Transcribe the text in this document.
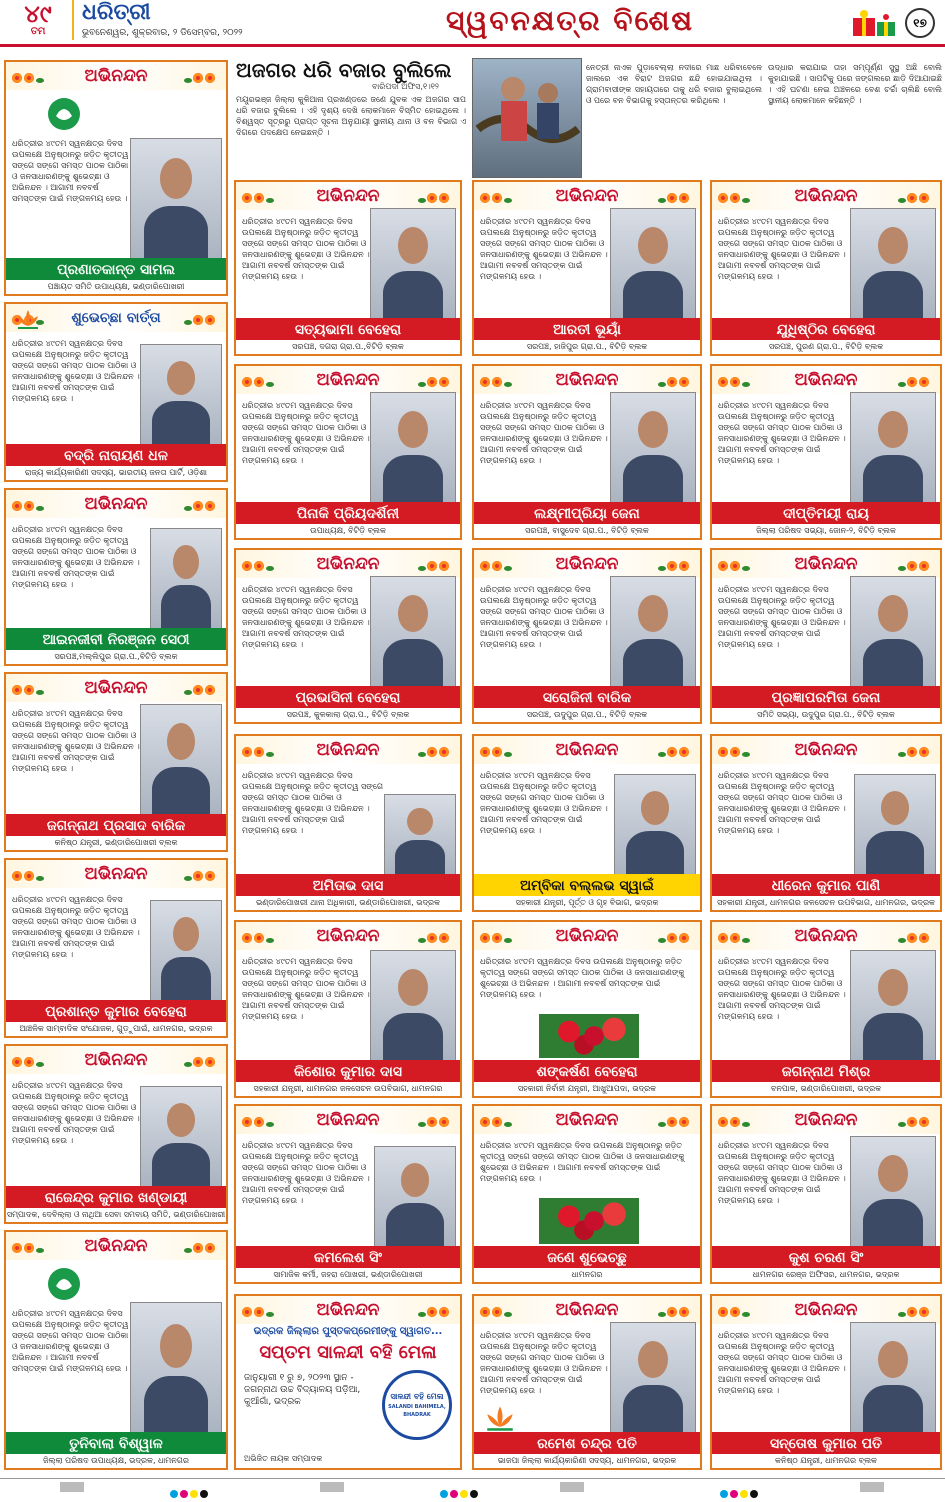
୪୯
ତମ
ଧରିତ୍ରୀ
ଭୁବନେଶ୍ୱର, ଶୁକ୍ରବାର, ୨ ଡିସେମ୍ବର, ୨୦୨୨	ସ୍ୱବନକ୍ଷତ୍ର ବିଶେଷ	୧୭
ଅଜଗର ଧରି ବଜାର ବୁଲିଲେ
ବାରିପଦା ଅଫିସ,୧।୧୨
ମୟୂରଭଞ୍ଜ ଜିଲ୍ଲା କୁଳିଆନା ପ୍ରଖଣ୍ଡରେ ଜଣେ ଯୁବକ ଏକ ଅଜଗର ସାପ ଧରି ବଜାର ବୁଲିଲେ । ଏହି ଦୃଶ୍ୟ ଦେଖି ଲୋକମାନେ ବିସ୍ମିତ ହୋଇଥିଲେ । ବିଶ୍ୱସ୍ତ ସୂତ୍ରରୁ ପ୍ରାପ୍ତ ସୂଚନା ଅନୁଯାୟୀ ସ୍ଥାନୀୟ ଥାନା ଓ ବନ ବିଭାଗ ଏ ଦିଗରେ ପଦକ୍ଷେପ ନେଇଛନ୍ତି ।
ନେତ୍ରୀ ନାଏକ ପୁଡ଼ାବେଲ୍ଲା ନଦୀରେ ମାଛ ଧରିବାବେଳେ ଜାଲରେ ଏକ ବିରାଟ ଅଜଗର ଛନ୍ଦି ହୋଇଯାଇଥିଲା । ଗ୍ରାମବାସୀଙ୍କ ସହାୟତାରେ ତାକୁ ଧରି ବଜାର ବୁଲାଇଥିଲେ ଓ ପରେ ବନ ବିଭାଗକୁ ହସ୍ତାନ୍ତର କରିଥିଲେ ।
ଉଦ୍ଧାର କରାଯାଇ ତାହା ସମ୍ପୂର୍ଣ୍ଣ ସୁସ୍ଥ ଅଛି ବୋଲି କୁହାଯାଇଛି । ସାପଟିକୁ ପରେ ଜଙ୍ଗଲରେ ଛାଡ଼ି ଦିଆଯାଇଛି । ଏହି ଘଟଣା ନେଇ ଅଞ୍ଚଳରେ ବେଶ ଚର୍ଚ୍ଚା ଚାଲିଛି ବୋଲି ସ୍ଥାନୀୟ ଲୋକମାନେ କହିଛନ୍ତି ।
ଅଭିନନ୍ଦନ
ଧରିତ୍ରୀର ୪୯ତମ ସ୍ୱନକ୍ଷତ୍ର ଦିବସ ଉପଲକ୍ଷେ ଅନୁଷ୍ଠାନରୁ ଜଡ଼ିତ କୃତୀତ୍ୱ ସଙ୍ଗେ ସଙ୍ଗେ ସମସ୍ତ ପାଠକ ପାଠିକା ଓ ଜନସାଧାରଣଙ୍କୁ ଶୁଭେଚ୍ଛା ଓ ଅଭିନନ୍ଦନ । ଆଗାମୀ ନବବର୍ଷ ସମସ୍ତଙ୍କ ପାଇଁ ମଙ୍ଗଳମୟ ହେଉ ।
ପ୍ରଣାତକାନ୍ତ ସାମଲ
ପଞ୍ଚାୟତ ସମିତି ଉପାଧ୍ୟକ୍ଷ, ଭଣ୍ଡାରିପୋଖରୀ
ଶୁଭେଚ୍ଛା ବାର୍ତ୍ତା
ଧରିତ୍ରୀର ୪୯ତମ ସ୍ୱନକ୍ଷତ୍ର ଦିବସ ଉପଲକ୍ଷେ ଅନୁଷ୍ଠାନରୁ ଜଡ଼ିତ କୃତୀତ୍ୱ ସଙ୍ଗେ ସଙ୍ଗେ ସମସ୍ତ ପାଠକ ପାଠିକା ଓ ଜନସାଧାରଣଙ୍କୁ ଶୁଭେଚ୍ଛା ଓ ଅଭିନନ୍ଦନ । ଆଗାମୀ ନବବର୍ଷ ସମସ୍ତଙ୍କ ପାଇଁ ମଙ୍ଗଳମୟ ହେଉ ।
ବଦ୍ରି ନାରାୟଣ ଧଳ
ରାଜ୍ୟ କାର୍ଯ୍ୟକାରିଣୀ ସଦସ୍ୟ, ଭାରତୀୟ ଜନତା ପାର୍ଟି, ଓଡ଼ିଶା
ଅଭିନନ୍ଦନ
ଧରିତ୍ରୀର ୪୯ତମ ସ୍ୱନକ୍ଷତ୍ର ଦିବସ ଉପଲକ୍ଷେ ଅନୁଷ୍ଠାନରୁ ଜଡ଼ିତ କୃତୀତ୍ୱ ସଙ୍ଗେ ସଙ୍ଗେ ସମସ୍ତ ପାଠକ ପାଠିକା ଓ ଜନସାଧାରଣଙ୍କୁ ଶୁଭେଚ୍ଛା ଓ ଅଭିନନ୍ଦନ । ଆଗାମୀ ନବବର୍ଷ ସମସ୍ତଙ୍କ ପାଇଁ ମଙ୍ଗଳମୟ ହେଉ ।
ଆଇନଜୀବୀ ନିରଞ୍ଜନ ସେଠୀ
ସରପଞ୍ଚ,ମଲ୍ଲିପୁର ଗ୍ରା.ପ.,ବିଟିଡ଼ି ବ୍ଲକ
ଅଭିନନ୍ଦନ
ଧରିତ୍ରୀର ୪୯ତମ ସ୍ୱନକ୍ଷତ୍ର ଦିବସ ଉପଲକ୍ଷେ ଅନୁଷ୍ଠାନରୁ ଜଡ଼ିତ କୃତୀତ୍ୱ ସଙ୍ଗେ ସଙ୍ଗେ ସମସ୍ତ ପାଠକ ପାଠିକା ଓ ଜନସାଧାରଣଙ୍କୁ ଶୁଭେଚ୍ଛା ଓ ଅଭିନନ୍ଦନ । ଆଗାମୀ ନବବର୍ଷ ସମସ୍ତଙ୍କ ପାଇଁ ମଙ୍ଗଳମୟ ହେଉ ।
ଜଗନ୍ନାଥ ପ୍ରସାଦ ବାରିକ
କନିଷ୍ଠ ଯନ୍ତ୍ରୀ, ଭଣ୍ଡାରିପୋଖରୀ ବ୍ଲକ
ଅଭିନନ୍ଦନ
ଧରିତ୍ରୀର ୪୯ତମ ସ୍ୱନକ୍ଷତ୍ର ଦିବସ ଉପଲକ୍ଷେ ଅନୁଷ୍ଠାନରୁ ଜଡ଼ିତ କୃତୀତ୍ୱ ସଙ୍ଗେ ସଙ୍ଗେ ସମସ୍ତ ପାଠକ ପାଠିକା ଓ ଜନସାଧାରଣଙ୍କୁ ଶୁଭେଚ୍ଛା ଓ ଅଭିନନ୍ଦନ । ଆଗାମୀ ନବବର୍ଷ ସମସ୍ତଙ୍କ ପାଇଁ ମଙ୍ଗଳମୟ ହେଉ ।
ପ୍ରଶାନ୍ତ କୁମାର ବେହେରା
ଆଞ୍ଚଳିକ ସାମ୍ବାଦିକ ସଂଯୋଜକ, ଗୁଡ଼ୁପାଇଁ, ଧାମନଗର, ଭଦ୍ରକ
ଅଭିନନ୍ଦନ
ଧରିତ୍ରୀର ୪୯ତମ ସ୍ୱନକ୍ଷତ୍ର ଦିବସ ଉପଲକ୍ଷେ ଅନୁଷ୍ଠାନରୁ ଜଡ଼ିତ କୃତୀତ୍ୱ ସଙ୍ଗେ ସଙ୍ଗେ ସମସ୍ତ ପାଠକ ପାଠିକା ଓ ଜନସାଧାରଣଙ୍କୁ ଶୁଭେଚ୍ଛା ଓ ଅଭିନନ୍ଦନ । ଆଗାମୀ ନବବର୍ଷ ସମସ୍ତଙ୍କ ପାଇଁ ମଙ୍ଗଳମୟ ହେଉ ।
ରାଜେନ୍ଦ୍ର କୁମାର ଖଣ୍ଡାୟୀ
ସମ୍ପାଦକ, ଦେବିଲ୍ଲା ଓ ନାଥିଆ ସେବା ସମବାୟ ସମିତି, ଭଣ୍ଡାରିପୋଖରୀ
ଅଭିନନ୍ଦନ
ଧରିତ୍ରୀର ୪୯ତମ ସ୍ୱନକ୍ଷତ୍ର ଦିବସ ଉପଲକ୍ଷେ ଅନୁଷ୍ଠାନରୁ ଜଡ଼ିତ କୃତୀତ୍ୱ ସଙ୍ଗେ ସଙ୍ଗେ ସମସ୍ତ ପାଠକ ପାଠିକା ଓ ଜନସାଧାରଣଙ୍କୁ ଶୁଭେଚ୍ଛା ଓ ଅଭିନନ୍ଦନ । ଆଗାମୀ ନବବର୍ଷ ସମସ୍ତଙ୍କ ପାଇଁ ମଙ୍ଗଳମୟ ହେଉ ।
ତୁନିବାଲା ବିଶ୍ୱାଳ
ଜିଲ୍ଲା ପରିଷଦ ଉପାଧ୍ୟକ୍ଷ, ଭଦ୍ରକ, ଧାମନଗର
ଅଭିନନ୍ଦନ
ଧରିତ୍ରୀର ୪୯ତମ ସ୍ୱନକ୍ଷତ୍ର ଦିବସ ଉପଲକ୍ଷେ ଅନୁଷ୍ଠାନରୁ ଜଡ଼ିତ କୃତୀତ୍ୱ ସଙ୍ଗେ ସଙ୍ଗେ ସମସ୍ତ ପାଠକ ପାଠିକା ଓ ଜନସାଧାରଣଙ୍କୁ ଶୁଭେଚ୍ଛା ଓ ଅଭିନନ୍ଦନ । ଆଗାମୀ ନବବର୍ଷ ସମସ୍ତଙ୍କ ପାଇଁ ମଙ୍ଗଳମୟ ହେଉ ।
ସତ୍ୟଭାମା ବେହେରା
ସରପଞ୍ଚ, ଦଗରା ଗ୍ରା.ପ.,ବିଟିଡ଼ି ବ୍ଲକ
ଅଭିନନ୍ଦନ
ଧରିତ୍ରୀର ୪୯ତମ ସ୍ୱନକ୍ଷତ୍ର ଦିବସ ଉପଲକ୍ଷେ ଅନୁଷ୍ଠାନରୁ ଜଡ଼ିତ କୃତୀତ୍ୱ ସଙ୍ଗେ ସଙ୍ଗେ ସମସ୍ତ ପାଠକ ପାଠିକା ଓ ଜନସାଧାରଣଙ୍କୁ ଶୁଭେଚ୍ଛା ଓ ଅଭିନନ୍ଦନ । ଆଗାମୀ ନବବର୍ଷ ସମସ୍ତଙ୍କ ପାଇଁ ମଙ୍ଗଳମୟ ହେଉ ।
ଆରତୀ ଭୂୟାଁ
ସରପଞ୍ଚ, ହାଜିପୁର ଗ୍ରା.ପ., ବିଟିଡ଼ି ବ୍ଲକ
ଅଭିନନ୍ଦନ
ଧରିତ୍ରୀର ୪୯ତମ ସ୍ୱନକ୍ଷତ୍ର ଦିବସ ଉପଲକ୍ଷେ ଅନୁଷ୍ଠାନରୁ ଜଡ଼ିତ କୃତୀତ୍ୱ ସଙ୍ଗେ ସଙ୍ଗେ ସମସ୍ତ ପାଠକ ପାଠିକା ଓ ଜନସାଧାରଣଙ୍କୁ ଶୁଭେଚ୍ଛା ଓ ଅଭିନନ୍ଦନ । ଆଗାମୀ ନବବର୍ଷ ସମସ୍ତଙ୍କ ପାଇଁ ମଙ୍ଗଳମୟ ହେଉ ।
ଯୁଧିଷ୍ଠିର ବେହେରା
ସରପଞ୍ଚ, ପୁରଣ ଗ୍ରା.ପ., ବିଟିଡ଼ି ବ୍ଲକ
ଅଭିନନ୍ଦନ
ଧରିତ୍ରୀର ୪୯ତମ ସ୍ୱନକ୍ଷତ୍ର ଦିବସ ଉପଲକ୍ଷେ ଅନୁଷ୍ଠାନରୁ ଜଡ଼ିତ କୃତୀତ୍ୱ ସଙ୍ଗେ ସଙ୍ଗେ ସମସ୍ତ ପାଠକ ପାଠିକା ଓ ଜନସାଧାରଣଙ୍କୁ ଶୁଭେଚ୍ଛା ଓ ଅଭିନନ୍ଦନ । ଆଗାମୀ ନବବର୍ଷ ସମସ୍ତଙ୍କ ପାଇଁ ମଙ୍ଗଳମୟ ହେଉ ।
ପିନାକି ପ୍ରିୟଦର୍ଶିନୀ
ଉପାଧ୍ୟକ୍ଷ, ବିଟିଡ଼ି ବ୍ଲକ
ଅଭିନନ୍ଦନ
ଧରିତ୍ରୀର ୪୯ତମ ସ୍ୱନକ୍ଷତ୍ର ଦିବସ ଉପଲକ୍ଷେ ଅନୁଷ୍ଠାନରୁ ଜଡ଼ିତ କୃତୀତ୍ୱ ସଙ୍ଗେ ସଙ୍ଗେ ସମସ୍ତ ପାଠକ ପାଠିକା ଓ ଜନସାଧାରଣଙ୍କୁ ଶୁଭେଚ୍ଛା ଓ ଅଭିନନ୍ଦନ । ଆଗାମୀ ନବବର୍ଷ ସମସ୍ତଙ୍କ ପାଇଁ ମଙ୍ଗଳମୟ ହେଉ ।
ଲକ୍ଷ୍ମୀପ୍ରିୟା ଜେନା
ସରପଞ୍ଚ, ବାସୁଦେବ ଗ୍ରା.ପ., ବିଟିଡ଼ି ବ୍ଲକ
ଅଭିନନ୍ଦନ
ଧରିତ୍ରୀର ୪୯ତମ ସ୍ୱନକ୍ଷତ୍ର ଦିବସ ଉପଲକ୍ଷେ ଅନୁଷ୍ଠାନରୁ ଜଡ଼ିତ କୃତୀତ୍ୱ ସଙ୍ଗେ ସଙ୍ଗେ ସମସ୍ତ ପାଠକ ପାଠିକା ଓ ଜନସାଧାରଣଙ୍କୁ ଶୁଭେଚ୍ଛା ଓ ଅଭିନନ୍ଦନ । ଆଗାମୀ ନବବର୍ଷ ସମସ୍ତଙ୍କ ପାଇଁ ମଙ୍ଗଳମୟ ହେଉ ।
ଦୀପ୍ତିମୟୀ ରାୟ
ଜିଲ୍ଲା ପରିଷଦ ସଭ୍ୟା, ଜୋନ-୨, ବିଟିଡ଼ି ବ୍ଲକ
ଅଭିନନ୍ଦନ
ଧରିତ୍ରୀର ୪୯ତମ ସ୍ୱନକ୍ଷତ୍ର ଦିବସ ଉପଲକ୍ଷେ ଅନୁଷ୍ଠାନରୁ ଜଡ଼ିତ କୃତୀତ୍ୱ ସଙ୍ଗେ ସଙ୍ଗେ ସମସ୍ତ ପାଠକ ପାଠିକା ଓ ଜନସାଧାରଣଙ୍କୁ ଶୁଭେଚ୍ଛା ଓ ଅଭିନନ୍ଦନ । ଆଗାମୀ ନବବର୍ଷ ସମସ୍ତଙ୍କ ପାଇଁ ମଙ୍ଗଳମୟ ହେଉ ।
ପ୍ରଭାସିନୀ ବେହେରା
ସରପଞ୍ଚ, କୁଳକାଲା ଗ୍ରା.ପ., ବିଟିଡ଼ି ବ୍ଲକ
ଅଭିନନ୍ଦନ
ଧରିତ୍ରୀର ୪୯ତମ ସ୍ୱନକ୍ଷତ୍ର ଦିବସ ଉପଲକ୍ଷେ ଅନୁଷ୍ଠାନରୁ ଜଡ଼ିତ କୃତୀତ୍ୱ ସଙ୍ଗେ ସଙ୍ଗେ ସମସ୍ତ ପାଠକ ପାଠିକା ଓ ଜନସାଧାରଣଙ୍କୁ ଶୁଭେଚ୍ଛା ଓ ଅଭିନନ୍ଦନ । ଆଗାମୀ ନବବର୍ଷ ସମସ୍ତଙ୍କ ପାଇଁ ମଙ୍ଗଳମୟ ହେଉ ।
ସରୋଜିନୀ ବାରିକ
ସରପଞ୍ଚ, ଉଦୁପୁର ଗ୍ରା.ପ., ବିଟିଡ଼ି ବ୍ଲକ
ଅଭିନନ୍ଦନ
ଧରିତ୍ରୀର ୪୯ତମ ସ୍ୱନକ୍ଷତ୍ର ଦିବସ ଉପଲକ୍ଷେ ଅନୁଷ୍ଠାନରୁ ଜଡ଼ିତ କୃତୀତ୍ୱ ସଙ୍ଗେ ସଙ୍ଗେ ସମସ୍ତ ପାଠକ ପାଠିକା ଓ ଜନସାଧାରଣଙ୍କୁ ଶୁଭେଚ୍ଛା ଓ ଅଭିନନ୍ଦନ । ଆଗାମୀ ନବବର୍ଷ ସମସ୍ତଙ୍କ ପାଇଁ ମଙ୍ଗଳମୟ ହେଉ ।
ପ୍ରଜ୍ଞାପରମିତା ଜେନା
ସମିତି ସଭ୍ୟା, ଉଦୁପୁର ଗ୍ରା.ପ., ବିଟିଡ଼ି ବ୍ଲକ
ଅଭିନନ୍ଦନ
ଧରିତ୍ରୀର ୪୯ତମ ସ୍ୱନକ୍ଷତ୍ର ଦିବସ ଉପଲକ୍ଷେ ଅନୁଷ୍ଠାନରୁ ଜଡ଼ିତ କୃତୀତ୍ୱ ସଙ୍ଗେ ସଙ୍ଗେ ସମସ୍ତ ପାଠକ ପାଠିକା ଓ ଜନସାଧାରଣଙ୍କୁ ଶୁଭେଚ୍ଛା ଓ ଅଭିନନ୍ଦନ । ଆଗାମୀ ନବବର୍ଷ ସମସ୍ତଙ୍କ ପାଇଁ ମଙ୍ଗଳମୟ ହେଉ ।
ଅମିତାଭ ଦାସ
ଭଣ୍ଡାରିପୋଖରୀ ଥାନା ଅଧିକାରୀ, ଭଣ୍ଡାରିପୋଖରୀ, ଭଦ୍ରକ
ଅଭିନନ୍ଦନ
ଧରିତ୍ରୀର ୪୯ତମ ସ୍ୱନକ୍ଷତ୍ର ଦିବସ ଉପଲକ୍ଷେ ଅନୁଷ୍ଠାନରୁ ଜଡ଼ିତ କୃତୀତ୍ୱ ସଙ୍ଗେ ସଙ୍ଗେ ସମସ୍ତ ପାଠକ ପାଠିକା ଓ ଜନସାଧାରଣଙ୍କୁ ଶୁଭେଚ୍ଛା ଓ ଅଭିନନ୍ଦନ । ଆଗାମୀ ନବବର୍ଷ ସମସ୍ତଙ୍କ ପାଇଁ ମଙ୍ଗଳମୟ ହେଉ ।
ଅମ୍ବିକା ବଲ୍ଲଭ ସ୍ୱାଇଁ
ସହକାରୀ ଯନ୍ତ୍ରୀ, ପୂର୍ତ୍ତ ଓ ଗୃହ ବିଭାଗ, ଭଦ୍ରକ
ଅଭିନନ୍ଦନ
ଧରିତ୍ରୀର ୪୯ତମ ସ୍ୱନକ୍ଷତ୍ର ଦିବସ ଉପଲକ୍ଷେ ଅନୁଷ୍ଠାନରୁ ଜଡ଼ିତ କୃତୀତ୍ୱ ସଙ୍ଗେ ସଙ୍ଗେ ସମସ୍ତ ପାଠକ ପାଠିକା ଓ ଜନସାଧାରଣଙ୍କୁ ଶୁଭେଚ୍ଛା ଓ ଅଭିନନ୍ଦନ । ଆଗାମୀ ନବବର୍ଷ ସମସ୍ତଙ୍କ ପାଇଁ ମଙ୍ଗଳମୟ ହେଉ ।
ଧୀରେନ କୁମାର ପାଣି
ସହକାରୀ ଯନ୍ତ୍ରୀ, ଧାମନଗର ଜଳସେଚନ ଉପବିଭାଗ, ଧାମନଗର, ଭଦ୍ରକ
ଅଭିନନ୍ଦନ
ଧରିତ୍ରୀର ୪୯ତମ ସ୍ୱନକ୍ଷତ୍ର ଦିବସ ଉପଲକ୍ଷେ ଅନୁଷ୍ଠାନରୁ ଜଡ଼ିତ କୃତୀତ୍ୱ ସଙ୍ଗେ ସଙ୍ଗେ ସମସ୍ତ ପାଠକ ପାଠିକା ଓ ଜନସାଧାରଣଙ୍କୁ ଶୁଭେଚ୍ଛା ଓ ଅଭିନନ୍ଦନ । ଆଗାମୀ ନବବର୍ଷ ସମସ୍ତଙ୍କ ପାଇଁ ମଙ୍ଗଳମୟ ହେଉ ।
କିଶୋର କୁମାର ଦାସ
ସହକାରୀ ଯନ୍ତ୍ରୀ, ଧାମନଗର ଜଳସେଚନ ଉପବିଭାଗ, ଧାମନଗର
ଅଭିନନ୍ଦନ
ଧରିତ୍ରୀର ୪୯ତମ ସ୍ୱନକ୍ଷତ୍ର ଦିବସ ଉପଲକ୍ଷେ ଅନୁଷ୍ଠାନରୁ ଜଡ଼ିତ କୃତୀତ୍ୱ ସଙ୍ଗେ ସଙ୍ଗେ ସମସ୍ତ ପାଠକ ପାଠିକା ଓ ଜନସାଧାରଣଙ୍କୁ ଶୁଭେଚ୍ଛା ଓ ଅଭିନନ୍ଦନ । ଆଗାମୀ ନବବର୍ଷ ସମସ୍ତଙ୍କ ପାଇଁ ମଙ୍ଗଳମୟ ହେଉ ।
ଶଙ୍କର୍ଷଣ ବେହେରା
ସହକାରୀ ନିର୍ବାହୀ ଯନ୍ତ୍ରୀ, ଆଖୁଆପଦା, ଭଦ୍ରକ
ଅଭିନନ୍ଦନ
ଧରିତ୍ରୀର ୪୯ତମ ସ୍ୱନକ୍ଷତ୍ର ଦିବସ ଉପଲକ୍ଷେ ଅନୁଷ୍ଠାନରୁ ଜଡ଼ିତ କୃତୀତ୍ୱ ସଙ୍ଗେ ସଙ୍ଗେ ସମସ୍ତ ପାଠକ ପାଠିକା ଓ ଜନସାଧାରଣଙ୍କୁ ଶୁଭେଚ୍ଛା ଓ ଅଭିନନ୍ଦନ । ଆଗାମୀ ନବବର୍ଷ ସମସ୍ତଙ୍କ ପାଇଁ ମଙ୍ଗଳମୟ ହେଉ ।
ଜଗନ୍ନାଥ ମିଶ୍ର
ବନପାଳ, ଭଣ୍ଡାରିପୋଖରୀ, ଭଦ୍ରକ
ଅଭିନନ୍ଦନ
ଧରିତ୍ରୀର ୪୯ତମ ସ୍ୱନକ୍ଷତ୍ର ଦିବସ ଉପଲକ୍ଷେ ଅନୁଷ୍ଠାନରୁ ଜଡ଼ିତ କୃତୀତ୍ୱ ସଙ୍ଗେ ସଙ୍ଗେ ସମସ୍ତ ପାଠକ ପାଠିକା ଓ ଜନସାଧାରଣଙ୍କୁ ଶୁଭେଚ୍ଛା ଓ ଅଭିନନ୍ଦନ । ଆଗାମୀ ନବବର୍ଷ ସମସ୍ତଙ୍କ ପାଇଁ ମଙ୍ଗଳମୟ ହେଉ ।
କମଲେଶ ସିଂ
ସାମାଜିକ କର୍ମୀ, ଜହରା ପୋଖରୀ, ଭଣ୍ଡାରିପୋଖରୀ
ଅଭିନନ୍ଦନ
ଧରିତ୍ରୀର ୪୯ତମ ସ୍ୱନକ୍ଷତ୍ର ଦିବସ ଉପଲକ୍ଷେ ଅନୁଷ୍ଠାନରୁ ଜଡ଼ିତ କୃତୀତ୍ୱ ସଙ୍ଗେ ସଙ୍ଗେ ସମସ୍ତ ପାଠକ ପାଠିକା ଓ ଜନସାଧାରଣଙ୍କୁ ଶୁଭେଚ୍ଛା ଓ ଅଭିନନ୍ଦନ । ଆଗାମୀ ନବବର୍ଷ ସମସ୍ତଙ୍କ ପାଇଁ ମଙ୍ଗଳମୟ ହେଉ ।
ଜଣେ ଶୁଭେଚ୍ଛୁ
ଧାମନଗର
ଅଭିନନ୍ଦନ
ଧରିତ୍ରୀର ୪୯ତମ ସ୍ୱନକ୍ଷତ୍ର ଦିବସ ଉପଲକ୍ଷେ ଅନୁଷ୍ଠାନରୁ ଜଡ଼ିତ କୃତୀତ୍ୱ ସଙ୍ଗେ ସଙ୍ଗେ ସମସ୍ତ ପାଠକ ପାଠିକା ଓ ଜନସାଧାରଣଙ୍କୁ ଶୁଭେଚ୍ଛା ଓ ଅଭିନନ୍ଦନ । ଆଗାମୀ ନବବର୍ଷ ସମସ୍ତଙ୍କ ପାଇଁ ମଙ୍ଗଳମୟ ହେଉ ।
କୁଶ ଚରଣ ସିଂ
ଧାମନଗର ରେଞ୍ଜ ଅଫିସର, ଧାମନଗର, ଭଦ୍ରକ
ଅଭିନନ୍ଦନ
ଧରିତ୍ରୀର ୪୯ତମ ସ୍ୱନକ୍ଷତ୍ର ଦିବସ ଉପଲକ୍ଷେ ଅନୁଷ୍ଠାନରୁ ଜଡ଼ିତ କୃତୀତ୍ୱ ସଙ୍ଗେ ସଙ୍ଗେ ସମସ୍ତ ପାଠକ ପାଠିକା ଓ ଜନସାଧାରଣଙ୍କୁ ଶୁଭେଚ୍ଛା ଓ ଅଭିନନ୍ଦନ । ଆଗାମୀ ନବବର୍ଷ ସମସ୍ତଙ୍କ ପାଇଁ ମଙ୍ଗଳମୟ ହେଉ ।
ରମେଶ ଚନ୍ଦ୍ର ପତି
ଭାଜପା ଜିଲ୍ଲା କାର୍ଯ୍ୟକାରିଣୀ ସଦସ୍ୟ, ଧାମନଗର, ଭଦ୍ରକ
ଅଭିନନ୍ଦନ
ଧରିତ୍ରୀର ୪୯ତମ ସ୍ୱନକ୍ଷତ୍ର ଦିବସ ଉପଲକ୍ଷେ ଅନୁଷ୍ଠାନରୁ ଜଡ଼ିତ କୃତୀତ୍ୱ ସଙ୍ଗେ ସଙ୍ଗେ ସମସ୍ତ ପାଠକ ପାଠିକା ଓ ଜନସାଧାରଣଙ୍କୁ ଶୁଭେଚ୍ଛା ଓ ଅଭିନନ୍ଦନ । ଆଗାମୀ ନବବର୍ଷ ସମସ୍ତଙ୍କ ପାଇଁ ମଙ୍ଗଳମୟ ହେଉ ।
ସନ୍ତୋଷ କୁମାର ପତି
କନିଷ୍ଠ ଯନ୍ତ୍ରୀ, ଧାମନଗର ବ୍ଲକ
ଅଭିନନ୍ଦନ
ଭଦ୍ରକ ଜିଲ୍ଲାର ପୁସ୍ତକପ୍ରେମୀଙ୍କୁ ସ୍ୱାଗତ...
ସପ୍ତମ ସାଳନ୍ଦୀ ବହି ମେଳା
ଜାନୁୟାରୀ ୧ ରୁ ୭, ୨୦୨୩ ସ୍ଥାନ - ଜଗନ୍ନାଥ ଉଚ୍ଚ ବିଦ୍ୟାଳୟ ପଡ଼ିଆ, କୁଆଁଗାଁ, ଭଦ୍ରକ
ସାଳନ୍ଦୀ ବହି ମେଳା
SALANDI BAHIMELA, BHADRAK
ଅଭିଜିତ ନାୟକ ସମ୍ପାଦକ
